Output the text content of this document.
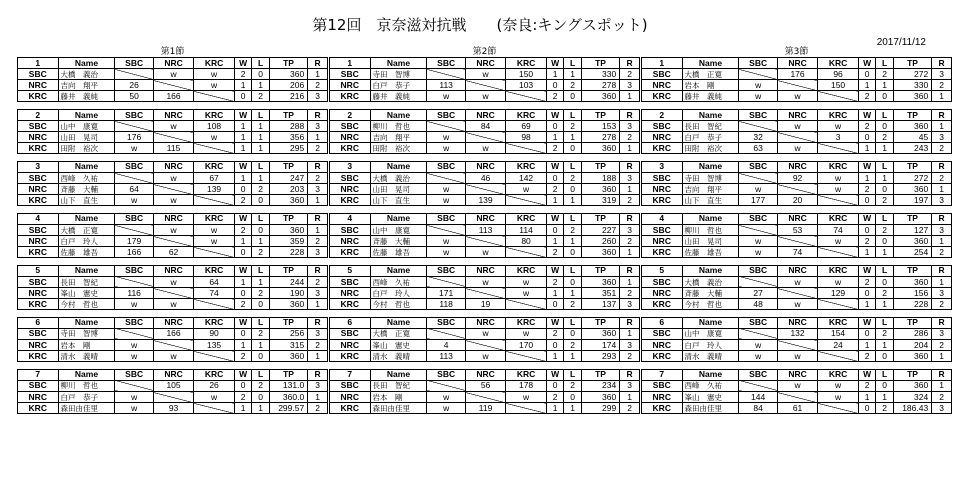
第12回　京奈滋対抗戦　　(奈良:キングスポット)
2017/11/12
第1節
1	Name	SBC	NRC	KRC	W	L	TP	R
SBC	大橋　義治		w	w	2	0	360	1
NRC	吉向　翔平	26		w	1	1	206	2
KRC	藤井　義純	50	166		0	2	216	3
2	Name	SBC	NRC	KRC	W	L	TP	R
SBC	山中　康寛		w	108	1	1	288	3
NRC	山田　晃司	176		w	1	1	356	1
KRC	田附　裕次	w	115		1	1	295	2
3	Name	SBC	NRC	KRC	W	L	TP	R
SBC	西峰　久祐		w	67	1	1	247	2
NRC	斉藤　大輔	64		139	0	2	203	3
KRC	山下　直生	w	w		2	0	360	1
4	Name	SBC	NRC	KRC	W	L	TP	R
SBC	大橋　正寛		w	w	2	0	360	1
NRC	白戸　玲人	179		w	1	1	359	2
KRC	佐藤　雄吾	166	62		0	2	228	3
5	Name	SBC	NRC	KRC	W	L	TP	R
SBC	長田　智紀		w	64	1	1	244	2
NRC	峯山　憲史	116		74	0	2	190	3
KRC	今村　哲也	w	w		2	0	360	1
6	Name	SBC	NRC	KRC	W	L	TP	R
SBC	寺田　智博		166	90	0	2	256	3
NRC	岩本　剛	w		135	1	1	315	2
KRC	清水　義晴	w	w		2	0	360	1
7	Name	SBC	NRC	KRC	W	L	TP	R
SBC	柳川　哲也		105	26	0	2	131.0	3
NRC	白戸　恭子	w		w	2	0	360.0	1
KRC	森田由佳里	w	93		1	1	299.57	2
第2節
1	Name	SBC	NRC	KRC	W	L	TP	R
SBC	寺田　智博		w	150	1	1	330	2
NRC	白戸　恭子	113		103	0	2	278	3
KRC	藤井　義純	w	w		2	0	360	1
2	Name	SBC	NRC	KRC	W	L	TP	R
SBC	柳川　哲也		84	69	0	2	153	3
NRC	吉向　翔平	w		98	1	1	278	2
KRC	田附　裕次	w	w		2	0	360	1
3	Name	SBC	NRC	KRC	W	L	TP	R
SBC	大橋　義治		46	142	0	2	188	3
NRC	山田　晃司	w		w	2	0	360	1
KRC	山下　直生	w	139		1	1	319	2
4	Name	SBC	NRC	KRC	W	L	TP	R
SBC	山中　康寛		113	114	0	2	227	3
NRC	斉藤　大輔	w		80	1	1	260	2
KRC	佐藤　雄吾	w	w		2	0	360	1
5	Name	SBC	NRC	KRC	W	L	TP	R
SBC	西峰　久祐		w	w	2	0	360	1
NRC	白戸　玲人	171		w	1	1	351	2
KRC	今村　哲也	118	19		0	2	137	3
6	Name	SBC	NRC	KRC	W	L	TP	R
SBC	大橋　正寛		w	w	2	0	360	1
NRC	峯山　憲史	4		170	0	2	174	3
KRC	清水　義晴	113	w		1	1	293	2
7	Name	SBC	NRC	KRC	W	L	TP	R
SBC	長田　智紀		56	178	0	2	234	3
NRC	岩本　剛	w		w	2	0	360	1
KRC	森田由佳里	w	119		1	1	299	2
第3節
1	Name	SBC	NRC	KRC	W	L	TP	R
SBC	大橋　正寛		176	96	0	2	272	3
NRC	岩本　剛	w		150	1	1	330	2
KRC	藤井　義純	w	w		2	0	360	1
2	Name	SBC	NRC	KRC	W	L	TP	R
SBC	長田　智紀		w	w	2	0	360	1
NRC	白戸　恭子	32		3	0	2	45	3
KRC	田附　裕次	63	w		1	1	243	2
3	Name	SBC	NRC	KRC	W	L	TP	R
SBC	寺田　智博		92	w	1	1	272	2
NRC	吉向　翔平	w		w	2	0	360	1
KRC	山下　直生	177	20		0	2	197	3
4	Name	SBC	NRC	KRC	W	L	TP	R
SBC	柳川　哲也		53	74	0	2	127	3
NRC	山田　晃司	w		w	2	0	360	1
KRC	佐藤　雄吾	w	74		1	1	254	2
5	Name	SBC	NRC	KRC	W	L	TP	R
SBC	大橋　義治		w	w	2	0	360	1
NRC	斉藤　大輔	27		129	0	2	156	3
KRC	今村　哲也	48	w		1	1	228	2
6	Name	SBC	NRC	KRC	W	L	TP	R
SBC	山中　康寛		132	154	0	2	286	3
NRC	白戸　玲人	w		24	1	1	204	2
KRC	清水　義晴	w	w		2	0	360	1
7	Name	SBC	NRC	KRC	W	L	TP	R
SBC	西峰　久祐		w	w	2	0	360	1
NRC	峯山　憲史	144		w	1	1	324	2
KRC	森田由佳里	84	61		0	2	186.43	3
